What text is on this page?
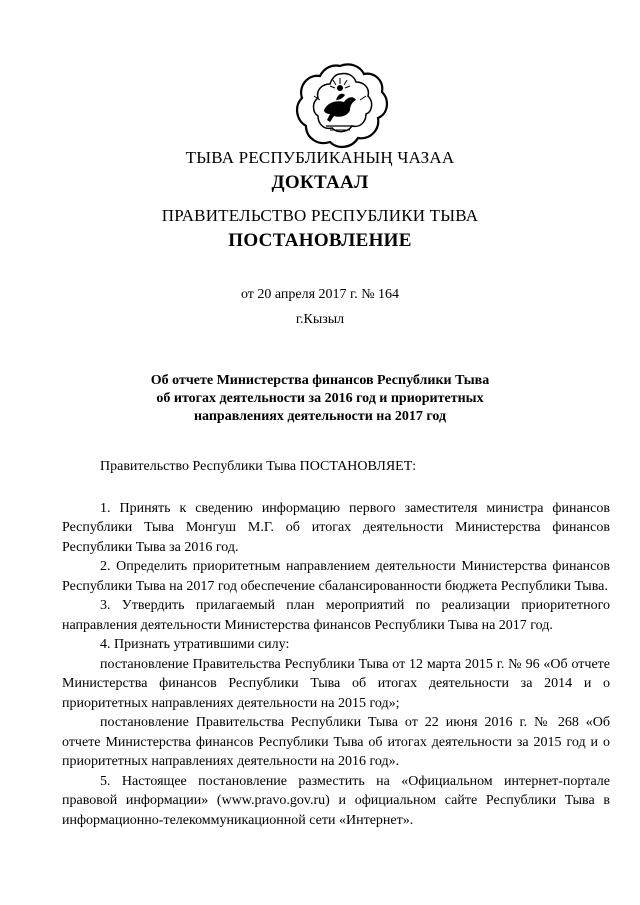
ТЫВА РЕСПУБЛИКАНЫҢ ЧАЗАА
ДОКТААЛ
ПРАВИТЕЛЬСТВО РЕСПУБЛИКИ ТЫВА
ПОСТАНОВЛЕНИЕ
от 20 апреля 2017 г. № 164
г.Кызыл
Об отчете Министерства финансов Республики Тыва
об итогах деятельности за 2016 год и приоритетных
направлениях деятельности на 2017 год

Правительство Республики Тыва ПОСТАНОВЛЯЕТ:

1. Принять к сведению информацию первого заместителя министра финансов Республики Тыва Монгуш М.Г. об итогах деятельности Министерства финансов Республики Тыва за 2016 год.

2. Определить приоритетным направлением деятельности Министерства финансов Республики Тыва на 2017 год обеспечение сбалансированности бюджета Республики Тыва.

3. Утвердить прилагаемый план мероприятий по реализации приоритетного направления деятельности Министерства финансов Республики Тыва на 2017 год.

4. Признать утратившими силу:

постановление Правительства Республики Тыва от 12 марта 2015 г. № 96 «Об отчете Министерства финансов Республики Тыва об итогах деятельности за 2014 и о приоритетных направлениях деятельности на 2015 год»;

постановление Правительства Республики Тыва от 22 июня 2016 г. № 268 «Об отчете Министерства финансов Республики Тыва об итогах деятельности за 2015 год и о приоритетных направлениях деятельности на 2016 год».

5. Настоящее постановление разместить на «Официальном интернет-портале правовой информации» (www.pravo.gov.ru) и официальном сайте Республики Тыва в информационно-телекоммуникационной сети «Интернет».
